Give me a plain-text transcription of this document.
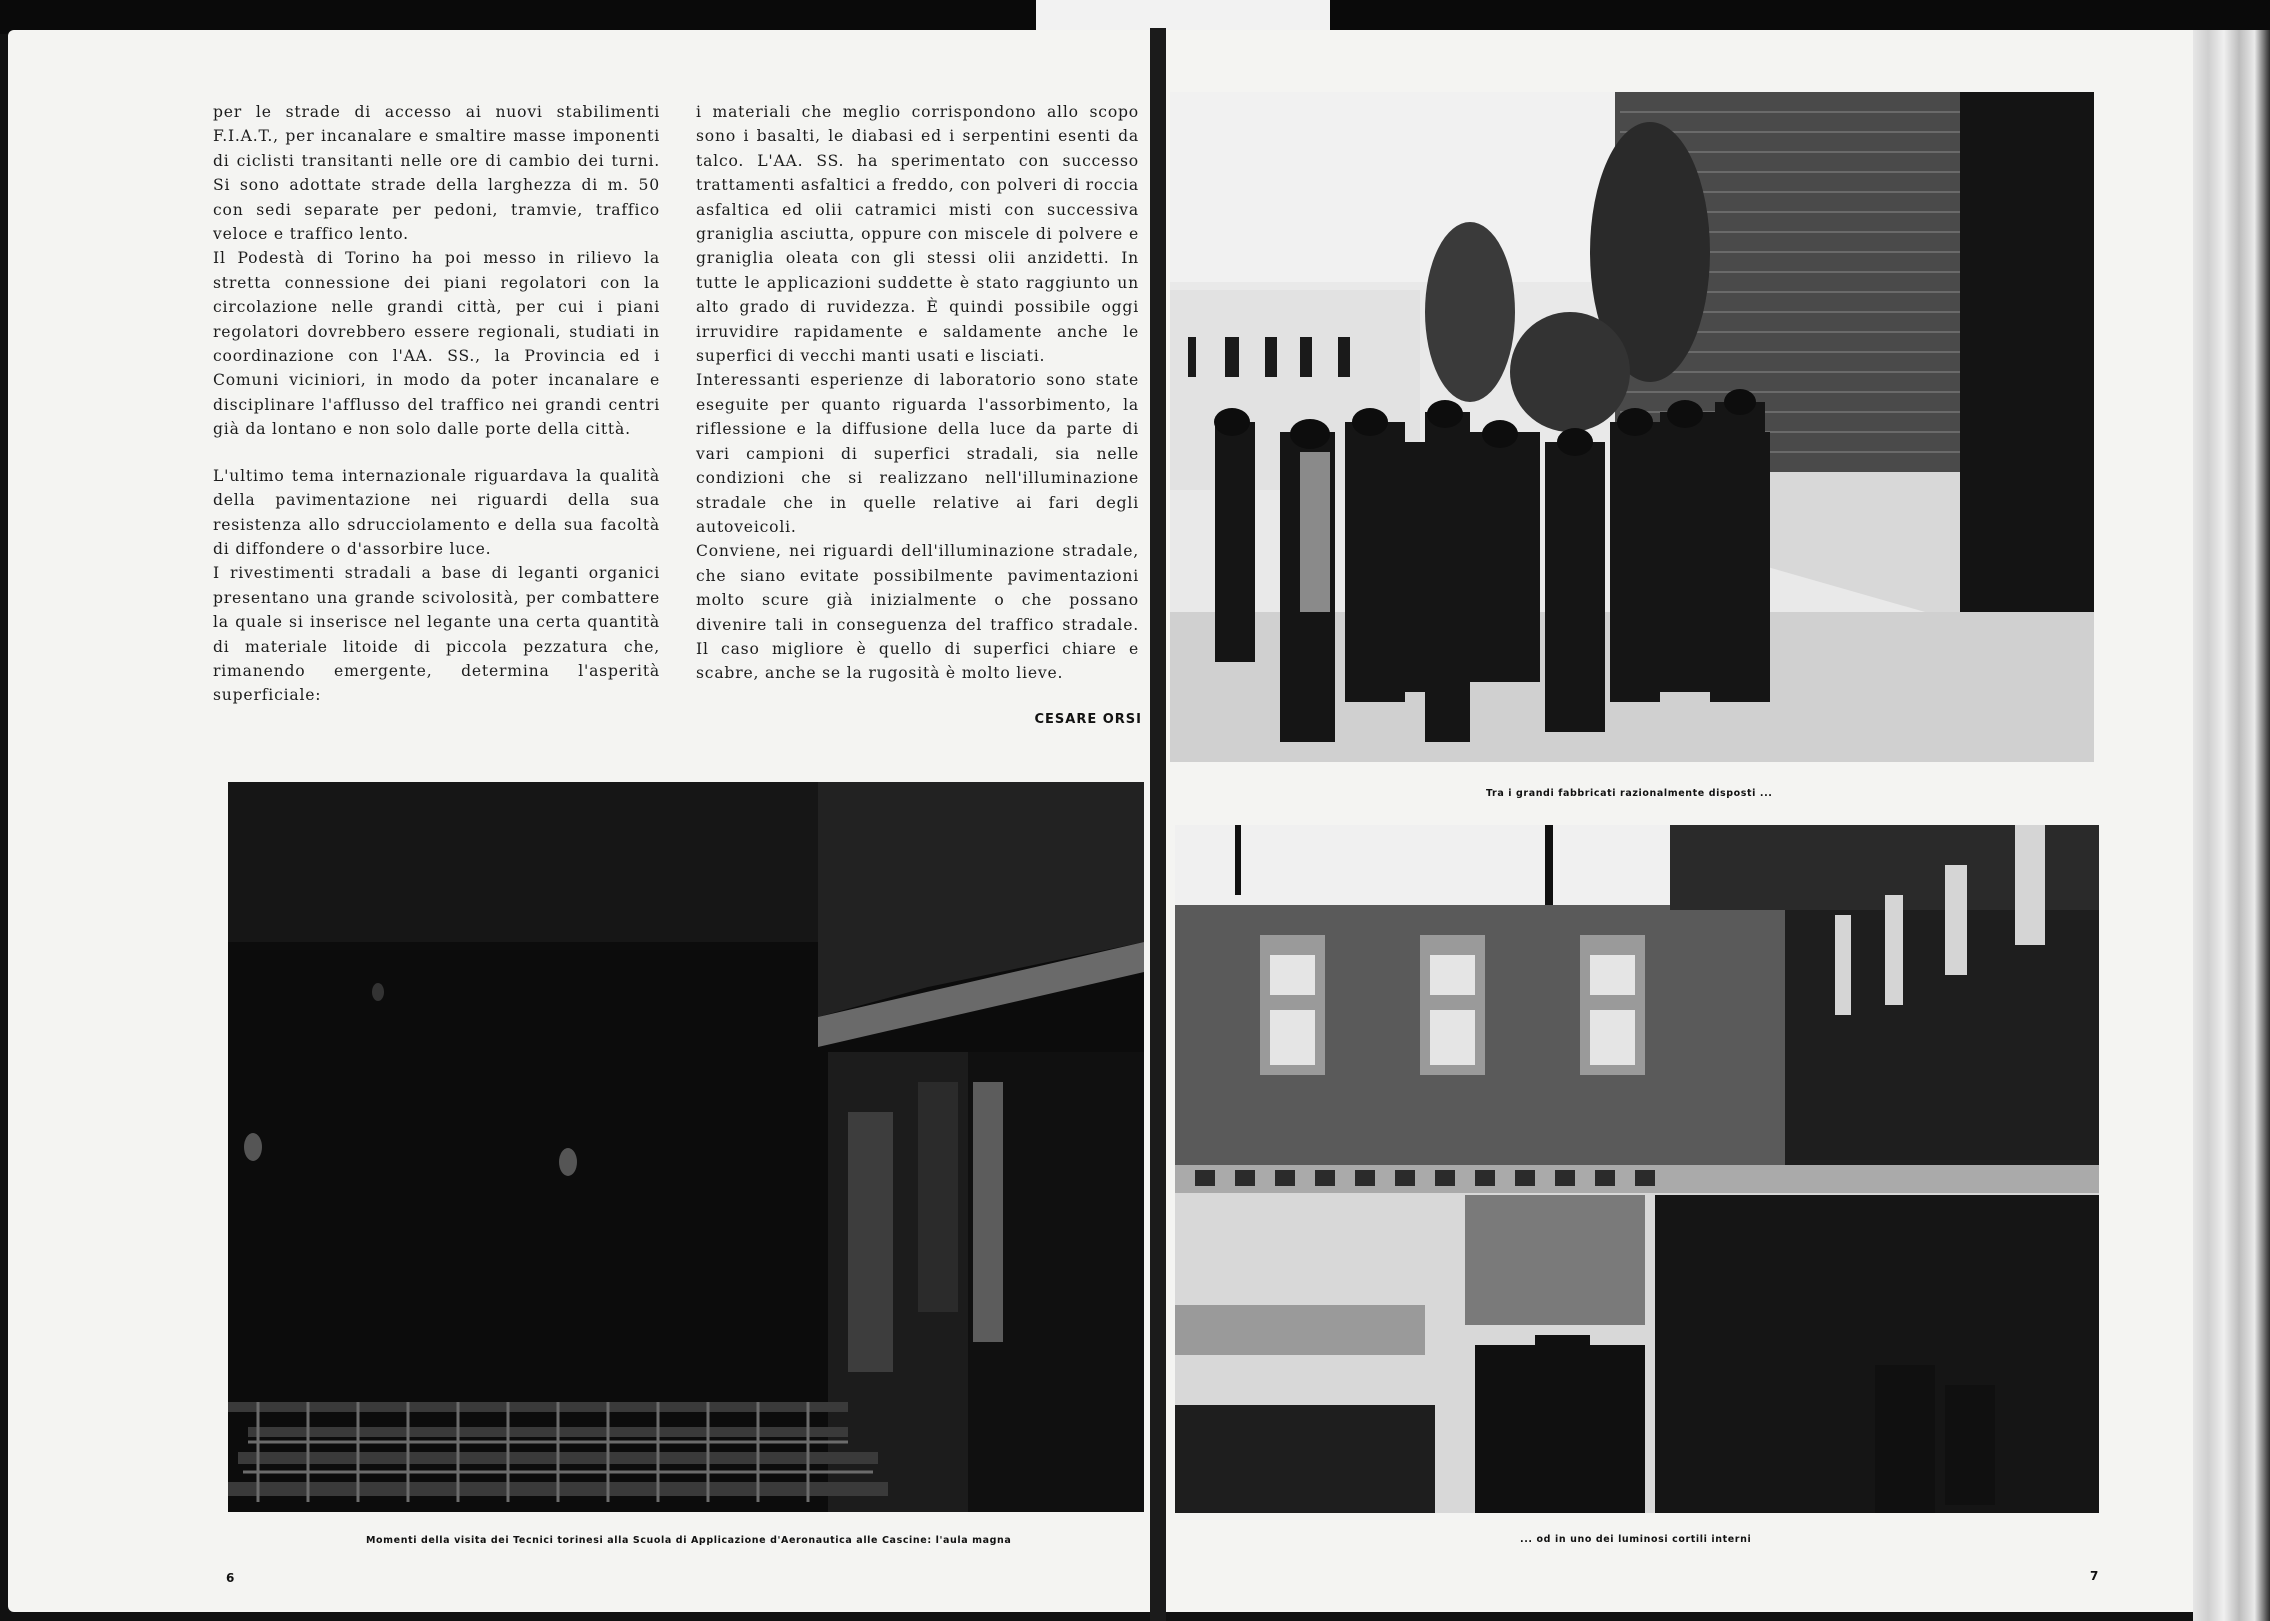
per le strade di accesso ai nuovi stabilimenti F.I.A.T., per incanalare e smaltire masse imponenti di ciclisti transitanti nelle ore di cambio dei turni. Si sono adottate strade della larghezza di m. 50 con sedi separate per pedoni, tramvie, traffico veloce e traffico lento.

Il Podestà di Torino ha poi messo in rilievo la stretta connessione dei piani regolatori con la circolazione nelle grandi città, per cui i piani regolatori dovrebbero essere regionali, studiati in coordinazione con l'AA. SS., la Provincia ed i Comuni viciniori, in modo da poter incanalare e disciplinare l'afflusso del traffico nei grandi centri già da lontano e non solo dalle porte della città.

L'ultimo tema internazionale riguardava la qualità della pavimentazione nei riguardi della sua resistenza allo sdrucciolamento e della sua facoltà di diffondere o d'assorbire luce.

I rivestimenti stradali a base di leganti organici presentano una grande scivolosità, per combattere la quale si inserisce nel legante una certa quantità di materiale litoide di piccola pezzatura che, rimanendo emergente, determina l'asperità superficiale:

i materiali che meglio corrispondono allo scopo sono i basalti, le diabasi ed i serpentini esenti da talco. L'AA. SS. ha sperimentato con successo trattamenti asfaltici a freddo, con polveri di roccia asfaltica ed olii catramici misti con successiva graniglia asciutta, oppure con miscele di polvere e graniglia oleata con gli stessi olii anzidetti. In tutte le applicazioni suddette è stato raggiunto un alto grado di ruvidezza. È quindi possibile oggi irruvidire rapidamente e saldamente anche le superfici di vecchi manti usati e lisciati.

Interessanti esperienze di laboratorio sono state eseguite per quanto riguarda l'assorbimento, la riflessione e la diffusione della luce da parte di vari campioni di superfici stradali, sia nelle condizioni che si realizzano nell'illuminazione stradale che in quelle relative ai fari degli autoveicoli.

Conviene, nei riguardi dell'illuminazione stradale, che siano evitate possibilmente pavimentazioni molto scure già inizialmente o che possano divenire tali in conseguenza del traffico stradale. Il caso migliore è quello di superfici chiare e scabre, anche se la rugosità è molto lieve.

CESARE ORSI
Tra i grandi fabbricati razionalmente disposti ...
Momenti della visita dei Tecnici torinesi alla Scuola di Applicazione d'Aeronautica alle Cascine: l'aula magna	... od in uno dei luminosi cortili interni
6	7
